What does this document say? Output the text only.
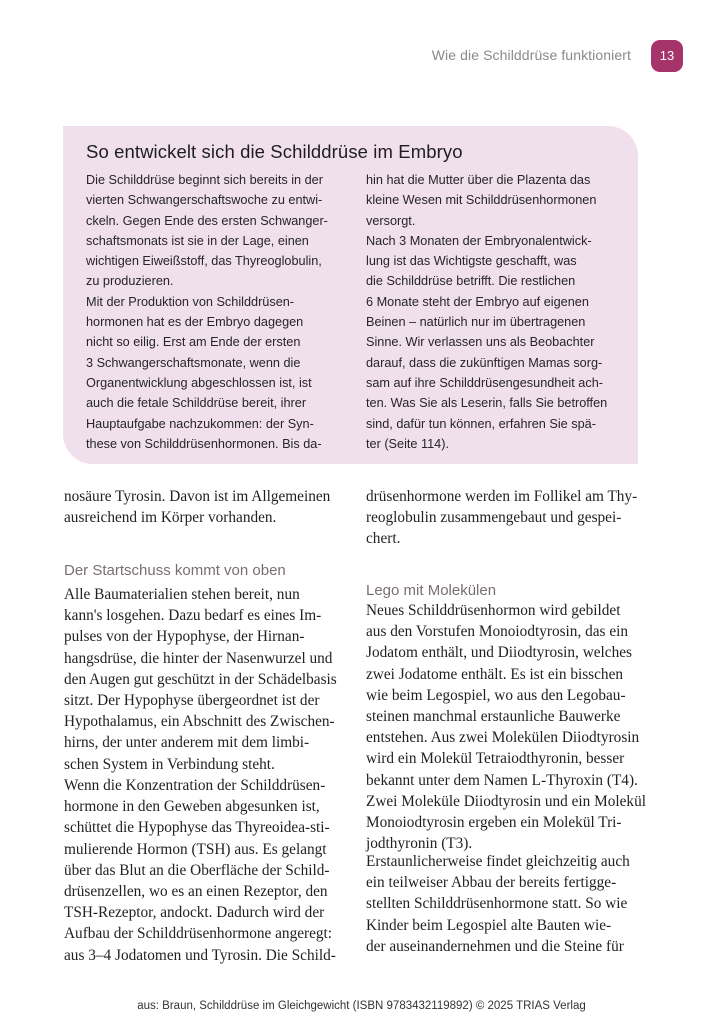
Wie die Schilddrüse funktioniert	13
So entwickelt sich die Schilddrüse im Embryo

Die Schilddrüse beginnt sich bereits in der

vierten Schwangerschaftswoche zu entwi-

ckeln. Gegen Ende des ersten Schwanger-

schaftsmonats ist sie in der Lage, einen

wichtigen Eiweißstoff, das Thyreoglobulin,

zu produzieren.

Mit der Produktion von Schilddrüsen-

hormonen hat es der Embryo dagegen

nicht so eilig. Erst am Ende der ersten

3 Schwangerschaftsmonate, wenn die

Organentwicklung abgeschlossen ist, ist

auch die fetale Schilddrüse bereit, ihrer

Hauptaufgabe nachzukommen: der Syn-

these von Schilddrüsenhormonen. Bis da-

hin hat die Mutter über die Plazenta das

kleine Wesen mit Schilddrüsenhormonen

versorgt.

Nach 3 Monaten der Embryonalentwick-

lung ist das Wichtigste geschafft, was

die Schilddrüse betrifft. Die restlichen

6 Monate steht der Embryo auf eigenen

Beinen – natürlich nur im übertragenen

Sinne. Wir verlassen uns als Beobachter

darauf, dass die zukünftigen Mamas sorg-

sam auf ihre Schilddrüsengesundheit ach-

ten. Was Sie als Leserin, falls Sie betroffen

sind, dafür tun können, erfahren Sie spä-

ter (Seite 114).

nosäure Tyrosin. Davon ist im Allgemeinen

ausreichend im Körper vorhanden.

Der Startschuss kommt von oben

Alle Baumaterialien stehen bereit, nun

kann's losgehen. Dazu bedarf es eines Im-

pulses von der Hypophyse, der Hirnan-

hangsdrüse, die hinter der Nasenwurzel und

den Augen gut geschützt in der Schädelbasis

sitzt. Der Hypophyse übergeordnet ist der

Hypothalamus, ein Abschnitt des Zwischen-

hirns, der unter anderem mit dem limbi-

schen System in Verbindung steht.

Wenn die Konzentration der Schilddrüsen-

hormone in den Geweben abgesunken ist,

schüttet die Hypophyse das Thyreoidea-sti-

mulierende Hormon (TSH) aus. Es gelangt

über das Blut an die Oberfläche der Schild-

drüsenzellen, wo es an einen Rezeptor, den

TSH-Rezeptor, andockt. Dadurch wird der

Aufbau der Schilddrüsenhormone angeregt:

aus 3–4 Jodatomen und Tyrosin. Die Schild-

drüsenhormone werden im Follikel am Thy-

reoglobulin zusammengebaut und gespei-

chert.

Lego mit Molekülen

Neues Schilddrüsenhormon wird gebildet

aus den Vorstufen Monoiodtyrosin, das ein

Jodatom enthält, und Diiodtyrosin, welches

zwei Jodatome enthält. Es ist ein bisschen

wie beim Legospiel, wo aus den Legobau-

steinen manchmal erstaunliche Bauwerke

entstehen. Aus zwei Molekülen Diiodtyrosin

wird ein Molekül Tetraiodthyronin, besser

bekannt unter dem Namen L-Thyroxin (T4).

Zwei Moleküle Diiodtyrosin und ein Molekül

Monoiodtyrosin ergeben ein Molekül Tri-

jodthyronin (T3).

Erstaunlicherweise findet gleichzeitig auch

ein teilweiser Abbau der bereits fertigge-

stellten Schilddrüsenhormone statt. So wie

Kinder beim Legospiel alte Bauten wie-

der auseinandernehmen und die Steine für

aus: Braun, Schilddrüse im Gleichgewicht (ISBN 9783432119892) © 2025 TRIAS Verlag
